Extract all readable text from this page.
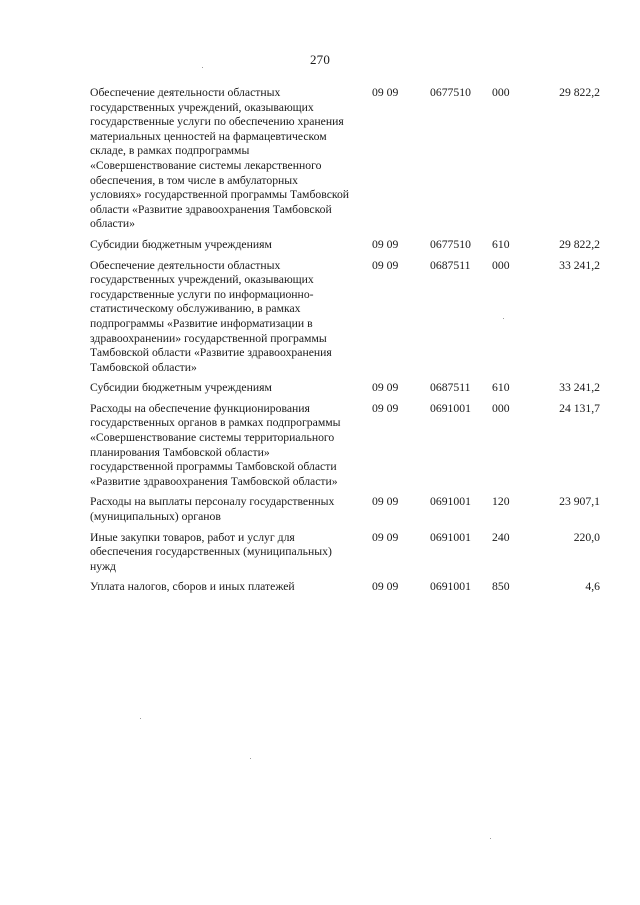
270
Обеспечение деятельности областных государственных учреждений, оказывающих государственные услуги по обеспечению хранения материальных ценностей на фармацевтическом складе, в рамках подпрограммы «Совершенствование системы лекарственного обеспечения, в том числе в амбулаторных условиях» государственной программы Тамбовской области «Развитие здравоохранения Тамбовской области»	09 09	0677510	000	29 822,2
Субсидии бюджетным учреждениям	09 09	0677510	610	29 822,2
Обеспечение деятельности областных государственных учреждений, оказывающих государственные услуги по информационно-статистическому обслуживанию, в рамках подпрограммы «Развитие информатизации в здравоохранении» государственной программы Тамбовской области «Развитие здравоохранения Тамбовской области»	09 09	0687511	000	33 241,2
Субсидии бюджетным учреждениям	09 09	0687511	610	33 241,2
Расходы на обеспечение функционирования государственных органов в рамках подпрограммы «Совершенствование системы территориального планирования Тамбовской области» государственной программы Тамбовской области «Развитие здравоохранения Тамбовской области»	09 09	0691001	000	24 131,7
Расходы на выплаты персоналу государственных (муниципальных) органов	09 09	0691001	120	23 907,1
Иные закупки товаров, работ и услуг для обеспечения государственных (муниципальных) нужд	09 09	0691001	240	220,0
Уплата налогов, сборов и иных платежей	09 09	0691001	850	4,6
